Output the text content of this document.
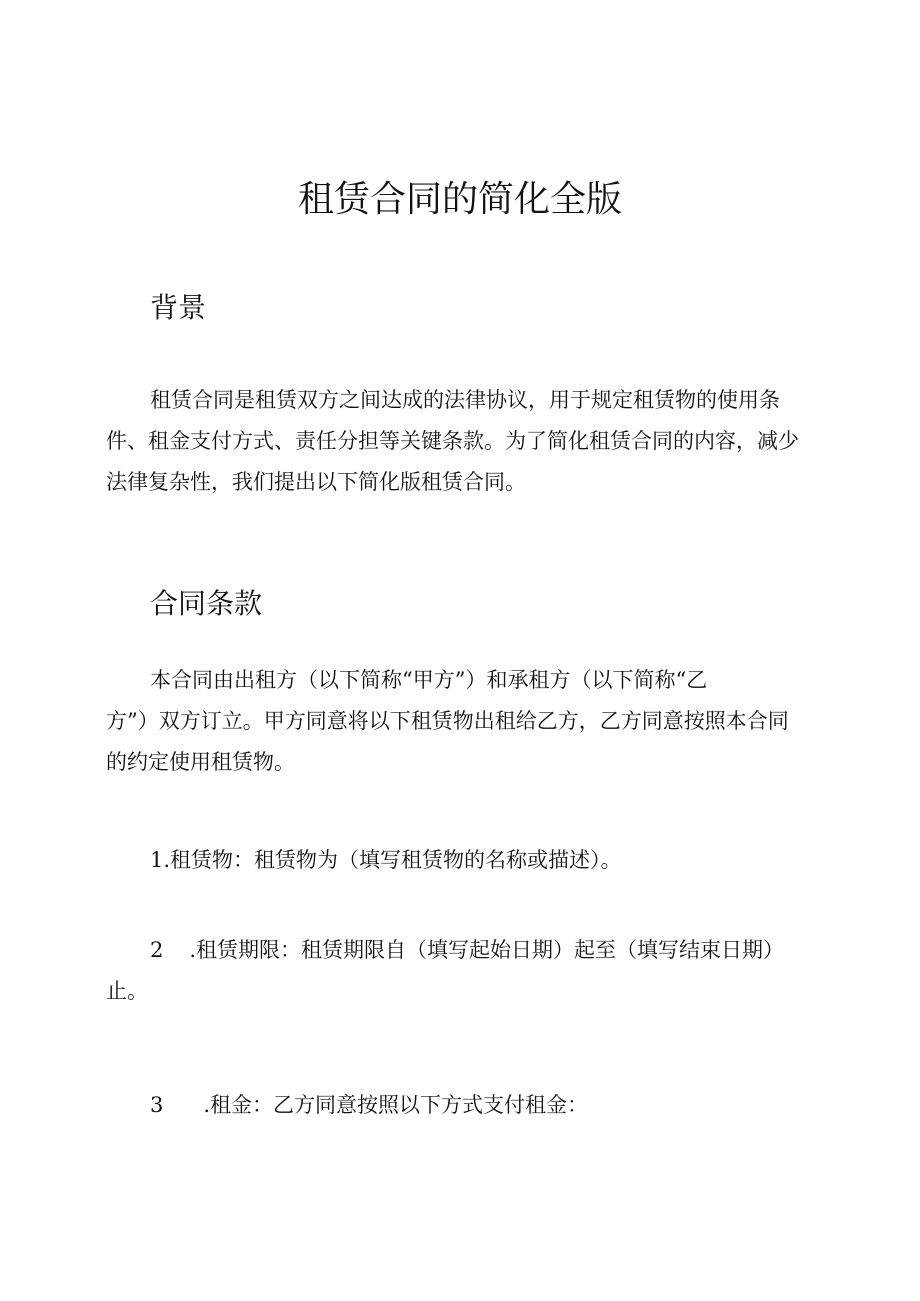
租赁合同的简化全版
背景

租赁合同是租赁双方之间达成的法律协议，用于规定租赁物的使用条
件、租金支付方式、责任分担等关键条款。为了简化租赁合同的内容，减少
法律复杂性，我们提出以下简化版租赁合同。

合同条款

本合同由出租方（以下简称“甲方”）和承租方（以下简称“乙
方”）双方订立。甲方同意将以下租赁物出租给乙方，乙方同意按照本合同
的约定使用租赁物。

1.租赁物：租赁物为（填写租赁物的名称或描述）。

2 .租赁期限：租赁期限自（填写起始日期）起至（填写结束日期）
止。

3 .租金：乙方同意按照以下方式支付租金：
